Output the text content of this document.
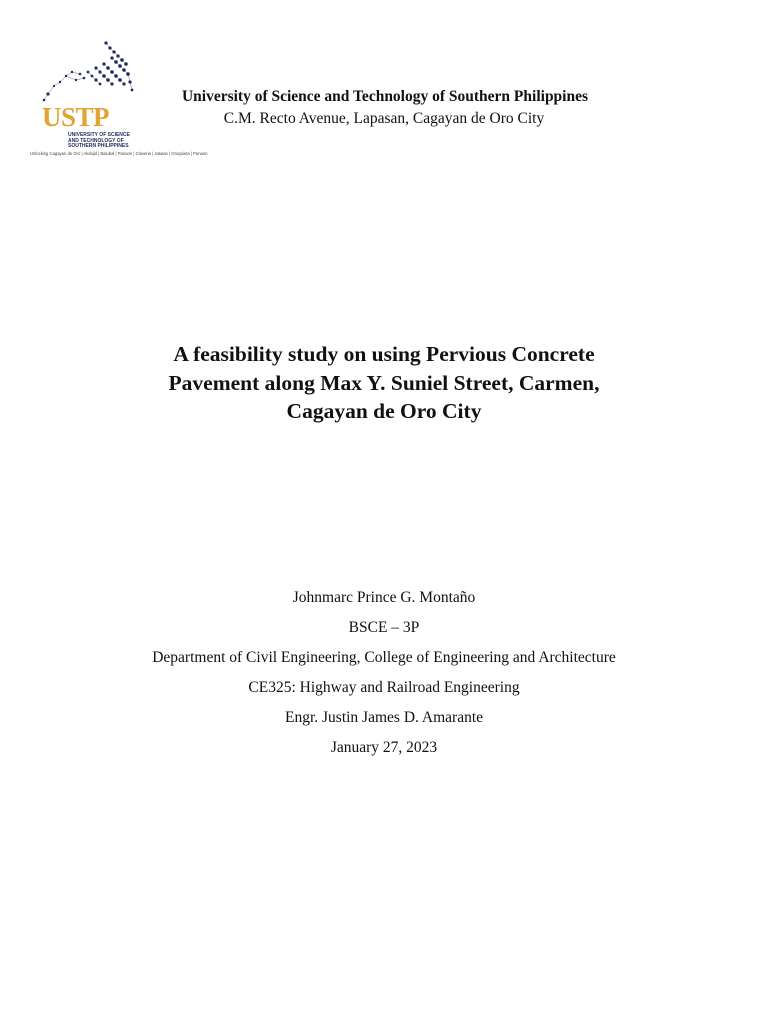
USTP
UNIVERSITY OF SCIENCE AND TECHNOLOGY OF SOUTHERN PHILIPPINES
Unlocking Cagayan de Oro | Alubijid | Balubal | Panaon | Claveria | Jasaan | Oroquieta | Panaon
University of Science and Technology of Southern Philippines
C.M. Recto Avenue, Lapasan, Cagayan de Oro City
A feasibility study on using Pervious Concrete
Pavement along Max Y. Suniel Street, Carmen,
Cagayan de Oro City
Johnmarc Prince G. Montaño
BSCE – 3P
Department of Civil Engineering, College of Engineering and Architecture
CE325: Highway and Railroad Engineering
Engr. Justin James D. Amarante
January 27, 2023
